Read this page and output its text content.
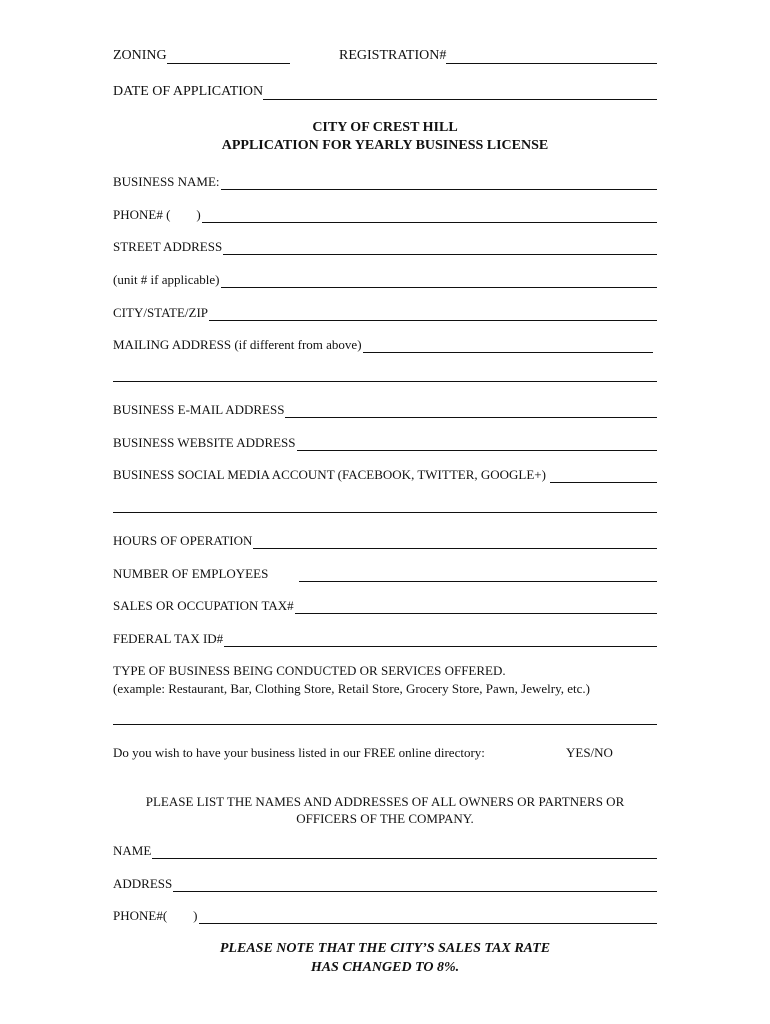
ZONING	REGISTRATION#
DATE OF APPLICATION
CITY OF CREST HILL
APPLICATION FOR YEARLY BUSINESS LICENSE
BUSINESS NAME:
PHONE# (        )
STREET ADDRESS
(unit # if applicable)
CITY/STATE/ZIP
MAILING ADDRESS (if different from above)
BUSINESS E-MAIL ADDRESS
BUSINESS WEBSITE ADDRESS
BUSINESS SOCIAL MEDIA ACCOUNT (FACEBOOK, TWITTER, GOOGLE+)
HOURS OF OPERATION
NUMBER OF EMPLOYEES
SALES OR OCCUPATION TAX#
FEDERAL TAX ID#
TYPE OF BUSINESS BEING CONDUCTED OR SERVICES OFFERED.
(example: Restaurant, Bar, Clothing Store, Retail Store, Grocery Store, Pawn, Jewelry, etc.)
Do you wish to have your business listed in our FREE online directory:	YES/NO
PLEASE LIST THE NAMES AND ADDRESSES OF ALL OWNERS OR PARTNERS OR
OFFICERS OF THE COMPANY.
NAME
ADDRESS
PHONE#(        )
PLEASE NOTE THAT THE CITY’S SALES TAX RATE
HAS CHANGED TO 8%.
